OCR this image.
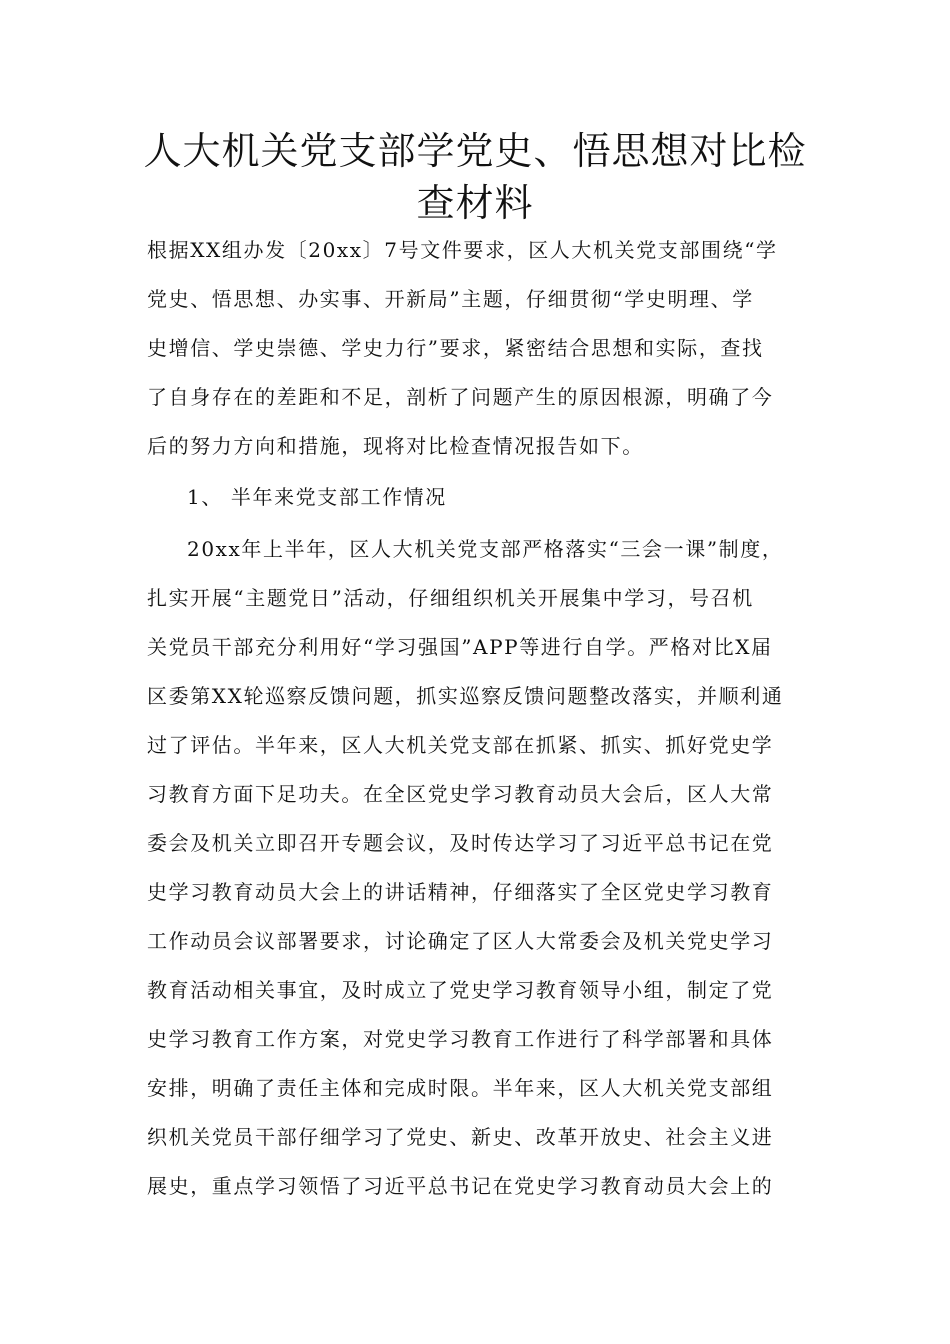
人大机关党支部学党史、悟思想对比检
查材料
根据XX组办发〔20xx〕7号文件要求，区人大机关党支部围绕“学
党史、悟思想、办实事、开新局”主题，仔细贯彻“学史明理、学
史增信、学史崇德、学史力行”要求，紧密结合思想和实际，查找
了自身存在的差距和不足，剖析了问题产生的原因根源，明确了今
后的努力方向和措施，现将对比检查情况报告如下。
1、 半年来党支部工作情况
20xx年上半年，区人大机关党支部严格落实“三会一课”制度，
扎实开展“主题党日”活动，仔细组织机关开展集中学习，号召机
关党员干部充分利用好“学习强国”APP等进行自学。严格对比X届
区委第XX轮巡察反馈问题，抓实巡察反馈问题整改落实，并顺利通
过了评估。半年来，区人大机关党支部在抓紧、抓实、抓好党史学
习教育方面下足功夫。在全区党史学习教育动员大会后，区人大常
委会及机关立即召开专题会议，及时传达学习了习近平总书记在党
史学习教育动员大会上的讲话精神，仔细落实了全区党史学习教育
工作动员会议部署要求，讨论确定了区人大常委会及机关党史学习
教育活动相关事宜，及时成立了党史学习教育领导小组，制定了党
史学习教育工作方案，对党史学习教育工作进行了科学部署和具体
安排，明确了责任主体和完成时限。半年来，区人大机关党支部组
织机关党员干部仔细学习了党史、新史、改革开放史、社会主义进
展史，重点学习领悟了习近平总书记在党史学习教育动员大会上的
